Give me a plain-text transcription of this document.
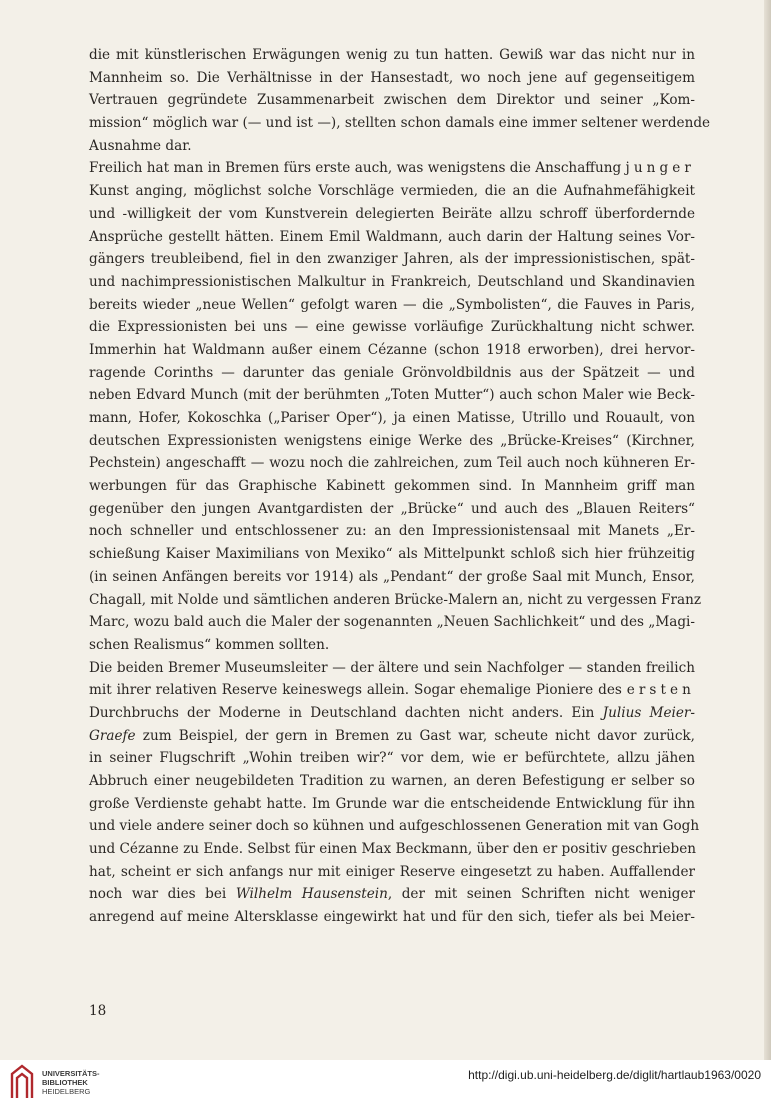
die mit künstlerischen Erwägungen wenig zu tun hatten. Gewiß war das nicht nur in
Mannheim so. Die Verhältnisse in der Hansestadt, wo noch jene auf gegenseitigem
Vertrauen gegründete Zusammenarbeit zwischen dem Direktor und seiner „Kom-
mission“ möglich war (— und ist —), stellten schon damals eine immer seltener werdende
Ausnahme dar.
Freilich hat man in Bremen fürs erste auch, was wenigstens die Anschaffung junger
Kunst anging, möglichst solche Vorschläge vermieden, die an die Aufnahmefähigkeit
und -willigkeit der vom Kunstverein delegierten Beiräte allzu schroff überfordernde
Ansprüche gestellt hätten. Einem Emil Waldmann, auch darin der Haltung seines Vor-
gängers treubleibend, fiel in den zwanziger Jahren, als der impressionistischen, spät-
und nachimpressionistischen Malkultur in Frankreich, Deutschland und Skandinavien
bereits wieder „neue Wellen“ gefolgt waren — die „Symbolisten“, die Fauves in Paris,
die Expressionisten bei uns — eine gewisse vorläufige Zurückhaltung nicht schwer.
Immerhin hat Waldmann außer einem Cézanne (schon 1918 erworben), drei hervor-
ragende Corinths — darunter das geniale Grönvoldbildnis aus der Spätzeit — und
neben Edvard Munch (mit der berühmten „Toten Mutter“) auch schon Maler wie Beck-
mann, Hofer, Kokoschka („Pariser Oper“), ja einen Matisse, Utrillo und Rouault, von
deutschen Expressionisten wenigstens einige Werke des „Brücke-Kreises“ (Kirchner,
Pechstein) angeschafft — wozu noch die zahlreichen, zum Teil auch noch kühneren Er-
werbungen für das Graphische Kabinett gekommen sind. In Mannheim griff man
gegenüber den jungen Avantgardisten der „Brücke“ und auch des „Blauen Reiters“
noch schneller und entschlossener zu: an den Impressionistensaal mit Manets „Er-
schießung Kaiser Maximilians von Mexiko“ als Mittelpunkt schloß sich hier frühzeitig
(in seinen Anfängen bereits vor 1914) als „Pendant“ der große Saal mit Munch, Ensor,
Chagall, mit Nolde und sämtlichen anderen Brücke-Malern an, nicht zu vergessen Franz
Marc, wozu bald auch die Maler der sogenannten „Neuen Sachlichkeit“ und des „Magi-
schen Realismus“ kommen sollten.
Die beiden Bremer Museumsleiter — der ältere und sein Nachfolger — standen freilich
mit ihrer relativen Reserve keineswegs allein. Sogar ehemalige Pioniere des ersten
Durchbruchs der Moderne in Deutschland dachten nicht anders. Ein Julius Meier-
Graefe zum Beispiel, der gern in Bremen zu Gast war, scheute nicht davor zurück,
in seiner Flugschrift „Wohin treiben wir?“ vor dem, wie er befürchtete, allzu jähen
Abbruch einer neugebildeten Tradition zu warnen, an deren Befestigung er selber so
große Verdienste gehabt hatte. Im Grunde war die entscheidende Entwicklung für ihn
und viele andere seiner doch so kühnen und aufgeschlossenen Generation mit van Gogh
und Cézanne zu Ende. Selbst für einen Max Beckmann, über den er positiv geschrieben
hat, scheint er sich anfangs nur mit einiger Reserve eingesetzt zu haben. Auffallender
noch war dies bei Wilhelm Hausenstein, der mit seinen Schriften nicht weniger
anregend auf meine Altersklasse eingewirkt hat und für den sich, tiefer als bei Meier-
18
UNIVERSITÄTS-
BIBLIOTHEK
HEIDELBERG
http://digi.ub.uni-heidelberg.de/diglit/hartlaub1963/0020
